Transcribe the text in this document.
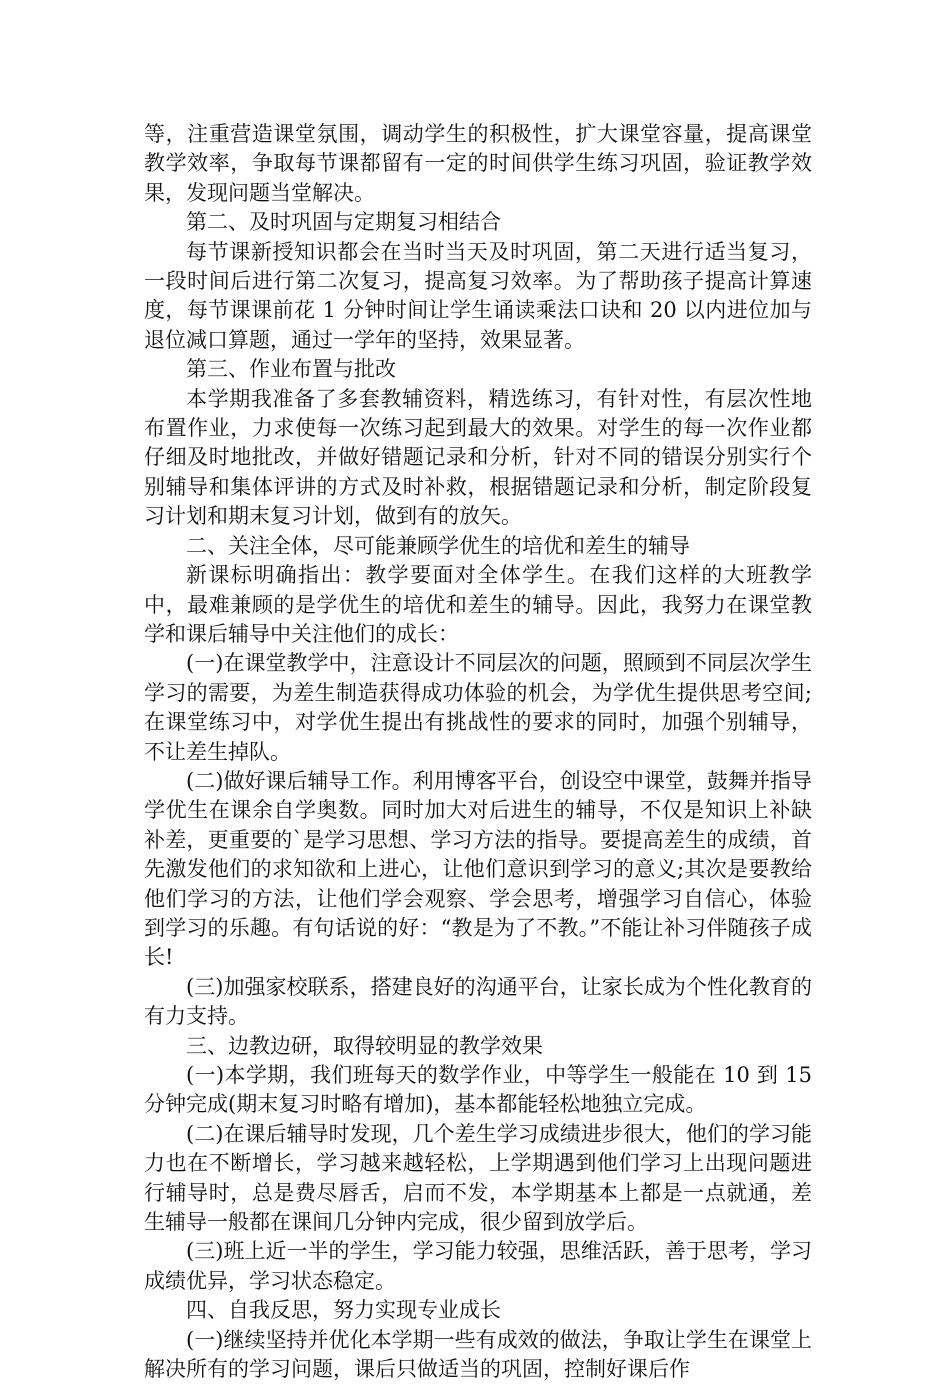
等，注重营造课堂氛围，调动学生的积极性，扩大课堂容量，提高课堂教学效率，争取每节课都留有一定的时间供学生练习巩固，验证教学效果，发现问题当堂解决。

第二、及时巩固与定期复习相结合

每节课新授知识都会在当时当天及时巩固，第二天进行适当复习，一段时间后进行第二次复习，提高复习效率。为了帮助孩子提高计算速度，每节课课前花 1 分钟时间让学生诵读乘法口诀和 20 以内进位加与退位减口算题，通过一学年的坚持，效果显著。

第三、作业布置与批改

本学期我准备了多套教辅资料，精选练习，有针对性，有层次性地布置作业，力求使每一次练习起到最大的效果。对学生的每一次作业都仔细及时地批改，并做好错题记录和分析，针对不同的错误分别实行个别辅导和集体评讲的方式及时补救，根据错题记录和分析，制定阶段复习计划和期末复习计划，做到有的放矢。

二、关注全体，尽可能兼顾学优生的培优和差生的辅导

新课标明确指出：教学要面对全体学生。在我们这样的大班教学中，最难兼顾的是学优生的培优和差生的辅导。因此，我努力在课堂教学和课后辅导中关注他们的成长：

(一)在课堂教学中，注意设计不同层次的问题，照顾到不同层次学生学习的需要，为差生制造获得成功体验的机会，为学优生提供思考空间;在课堂练习中，对学优生提出有挑战性的要求的同时，加强个别辅导，不让差生掉队。

(二)做好课后辅导工作。利用博客平台，创设空中课堂，鼓舞并指导学优生在课余自学奥数。同时加大对后进生的辅导，不仅是知识上补缺补差，更重要的`是学习思想、学习方法的指导。要提高差生的成绩，首先激发他们的求知欲和上进心，让他们意识到学习的意义;其次是要教给他们学习的方法，让他们学会观察、学会思考，增强学习自信心，体验到学习的乐趣。有句话说的好：“教是为了不教。”不能让补习伴随孩子成长!

(三)加强家校联系，搭建良好的沟通平台，让家长成为个性化教育的有力支持。

三、边教边研，取得较明显的教学效果

(一)本学期，我们班每天的数学作业，中等学生一般能在 10 到 15 分钟完成(期末复习时略有增加)，基本都能轻松地独立完成。

(二)在课后辅导时发现，几个差生学习成绩进步很大，他们的学习能力也在不断增长，学习越来越轻松，上学期遇到他们学习上出现问题进行辅导时，总是费尽唇舌，启而不发，本学期基本上都是一点就通，差生辅导一般都在课间几分钟内完成，很少留到放学后。

(三)班上近一半的学生，学习能力较强，思维活跃，善于思考，学习成绩优异，学习状态稳定。

四、自我反思，努力实现专业成长

(一)继续坚持并优化本学期一些有成效的做法，争取让学生在课堂上解决所有的学习问题，课后只做适当的巩固，控制好课后作
